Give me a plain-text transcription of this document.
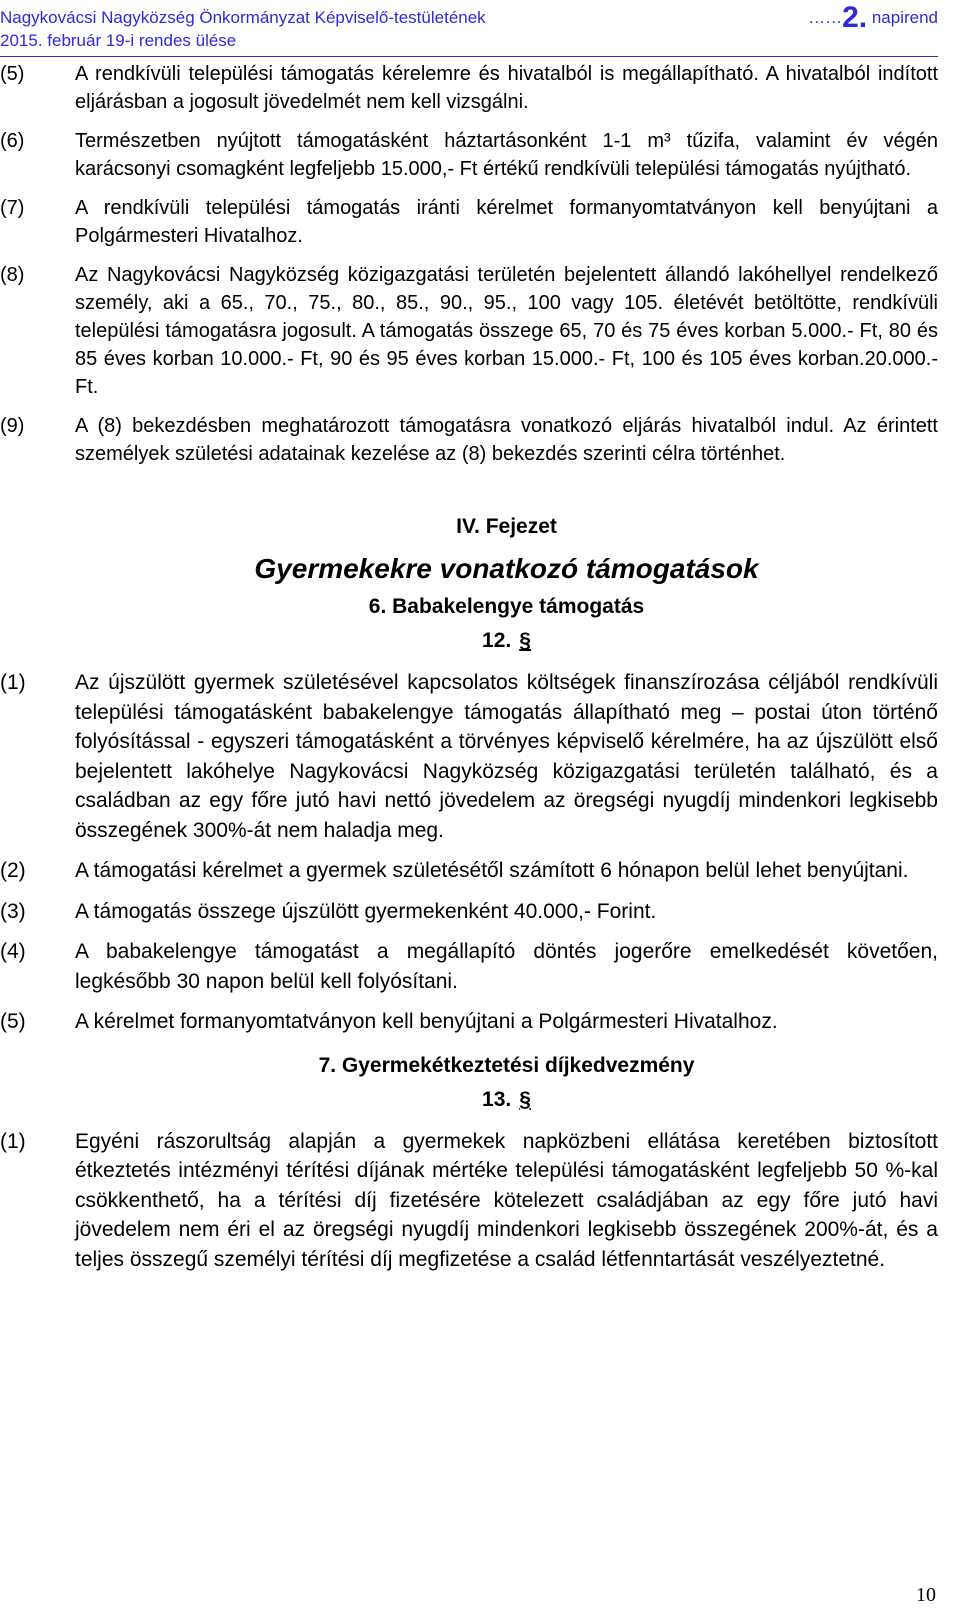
Nagykovácsi Nagyközség Önkormányzat Képviselő-testületének	……2. napirend
2015. február 19-i rendes ülése
(5)	A rendkívüli települési támogatás kérelemre és hivatalból is megállapítható. A hivatalból indított eljárásban a jogosult jövedelmét nem kell vizsgálni.
(6)	Természetben nyújtott támogatásként háztartásonként 1-1 m³ tűzifa, valamint év végén karácsonyi csomagként legfeljebb 15.000,- Ft értékű rendkívüli települési támogatás nyújtható.
(7)	A rendkívüli települési támogatás iránti kérelmet formanyomtatványon kell benyújtani a Polgármesteri Hivatalhoz.
(8)	Az Nagykovácsi Nagyközség közigazgatási területén bejelentett állandó lakóhellyel rendelkező személy, aki a 65., 70., 75., 80., 85., 90., 95., 100 vagy 105. életévét betöltötte, rendkívüli települési támogatásra jogosult. A támogatás összege 65, 70 és 75 éves korban 5.000.- Ft, 80 és 85 éves korban 10.000.- Ft, 90 és 95 éves korban 15.000.- Ft, 100 és 105 éves korban.20.000.- Ft.
(9)	A (8) bekezdésben meghatározott támogatásra vonatkozó eljárás hivatalból indul. Az érintett személyek születési adatainak kezelése az (8) bekezdés szerinti célra történhet.
IV. Fejezet
Gyermekekre vonatkozó támogatások
6. Babakelengye támogatás
12. §
(1)	Az újszülött gyermek születésével kapcsolatos költségek finanszírozása céljából rendkívüli települési támogatásként babakelengye támogatás állapítható meg – postai úton történő folyósítással - egyszeri támogatásként a törvényes képviselő kérelmére, ha az újszülött első bejelentett lakóhelye Nagykovácsi Nagyközség közigazgatási területén található, és a családban az egy főre jutó havi nettó jövedelem az öregségi nyugdíj mindenkori legkisebb összegének 300%-át nem haladja meg.
(2)	A támogatási kérelmet a gyermek születésétől számított 6 hónapon belül lehet benyújtani.
(3)	A támogatás összege újszülött gyermekenként 40.000,- Forint.
(4)	A babakelengye támogatást a megállapító döntés jogerőre emelkedését követően, legkésőbb 30 napon belül kell folyósítani.
(5)	A kérelmet formanyomtatványon kell benyújtani a Polgármesteri Hivatalhoz.
7. Gyermekétkeztetési díjkedvezmény
13. §
(1)	Egyéni rászorultság alapján a gyermekek napközbeni ellátása keretében biztosított étkeztetés intézményi térítési díjának mértéke települési támogatásként legfeljebb 50 %-kal csökkenthető, ha a térítési díj fizetésére kötelezett családjában az egy főre jutó havi jövedelem nem éri el az öregségi nyugdíj mindenkori legkisebb összegének 200%-át, és a teljes összegű személyi térítési díj megfizetése a család létfenntartását veszélyeztetné.
10
